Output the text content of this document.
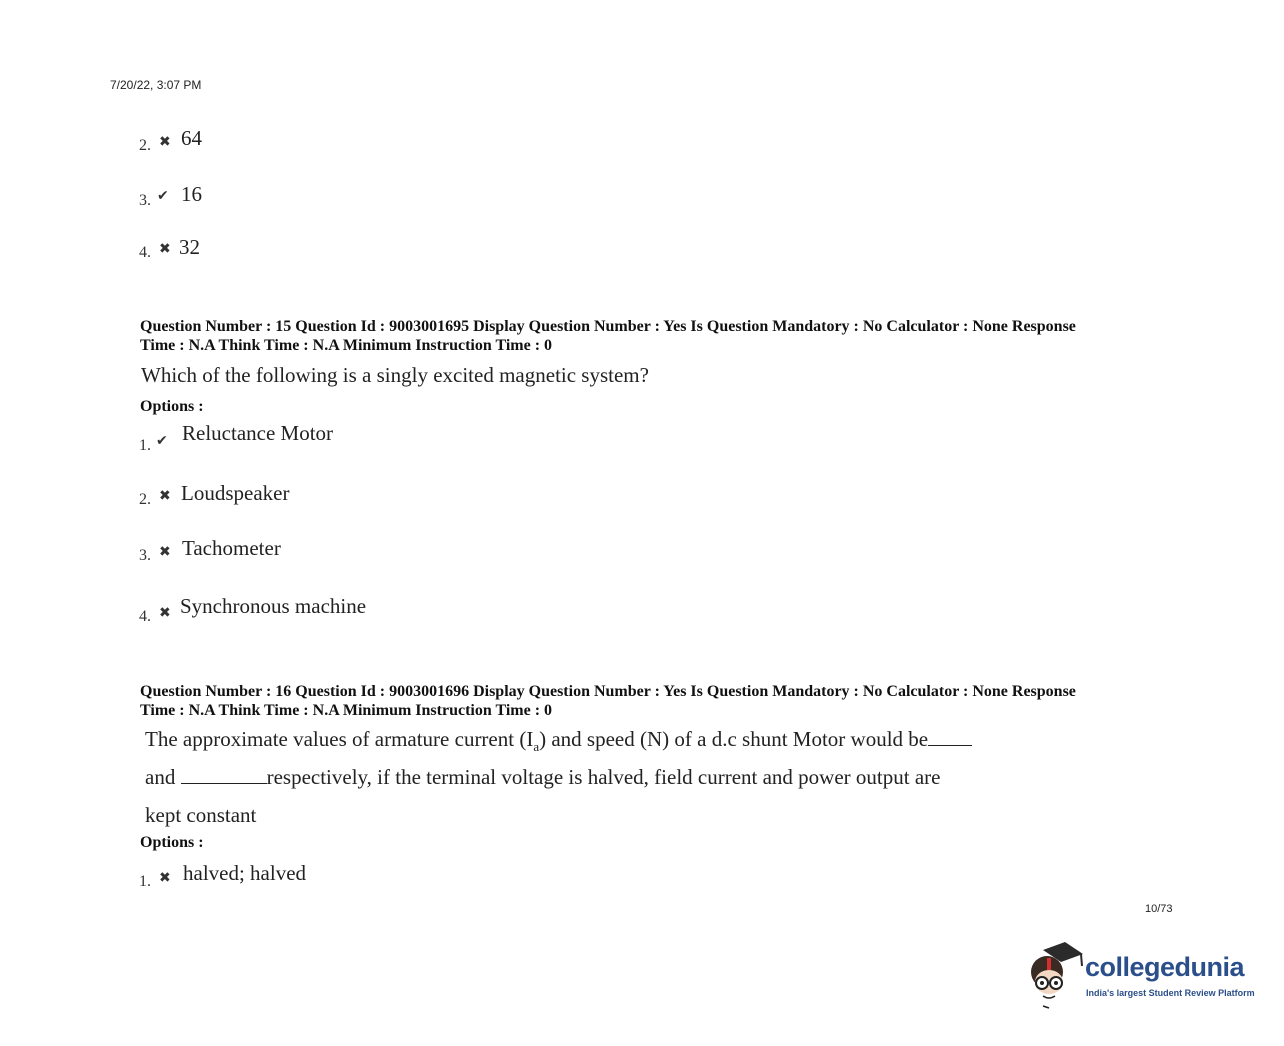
7/20/22, 3:07 PM
2. ✖ 64
3. ✔ 16
4. ✖ 32
Question Number : 15 Question Id : 9003001695 Display Question Number : Yes Is Question Mandatory : No Calculator : None Response
Time : N.A Think Time : N.A Minimum Instruction Time : 0
Which of the following is a singly excited magnetic system?
Options :
1. ✔ Reluctance Motor
2. ✖ Loudspeaker
3. ✖ Tachometer
4. ✖ Synchronous machine
Question Number : 16 Question Id : 9003001696 Display Question Number : Yes Is Question Mandatory : No Calculator : None Response
Time : N.A Think Time : N.A Minimum Instruction Time : 0
The approximate values of armature current $(I_a)$ and speed (N) of a d.c shunt Motor would be
and	respectively, if the terminal voltage is halved, field current and power output are
kept constant
Options :
1. ✖ halved; halved
10/73
collegedunia
India's largest Student Review Platform
